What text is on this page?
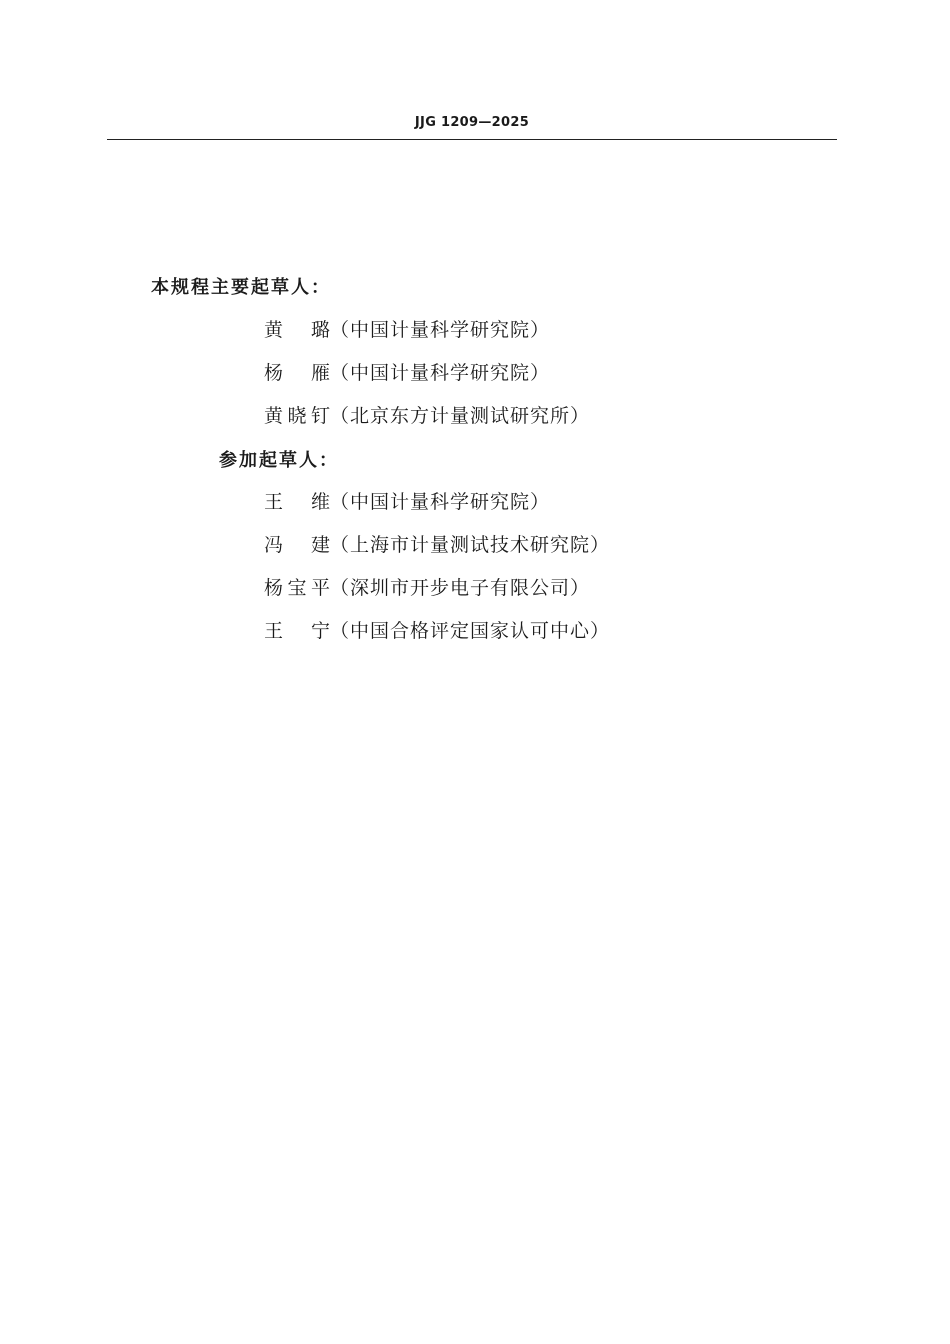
JJG 1209—2025
本规程主要起草人：
黄　璐 （中国计量科学研究院）
杨　雁 （中国计量科学研究院）
黄晓钉 （北京东方计量测试研究所）
参加起草人：
王　维 （中国计量科学研究院）
冯　建 （上海市计量测试技术研究院）
杨宝平 （深圳市开步电子有限公司）
王　宁 （中国合格评定国家认可中心）
